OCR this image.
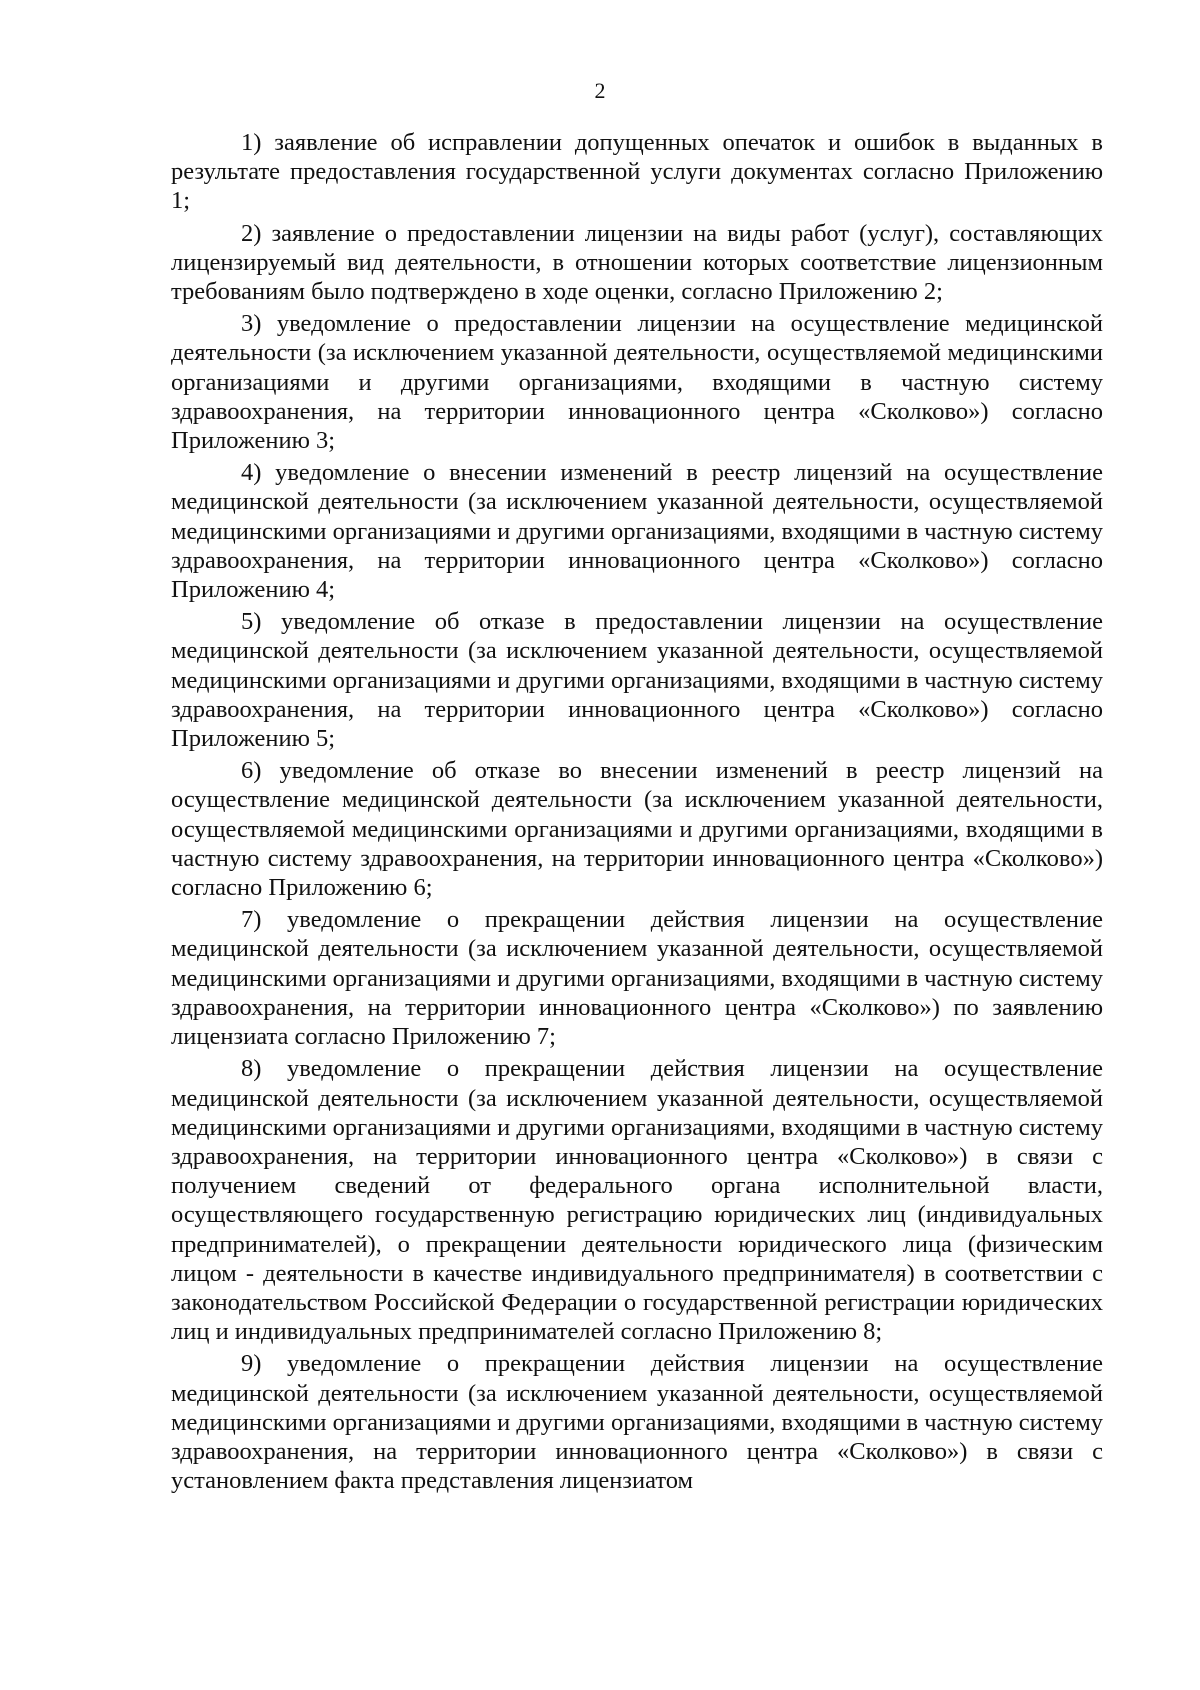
2

1) заявление об исправлении допущенных опечаток и ошибок в выданных в результате предоставления государственной услуги документах согласно Приложению 1;

2) заявление о предоставлении лицензии на виды работ (услуг), составляющих лицензируемый вид деятельности, в отношении которых соответствие лицензионным требованиям было подтверждено в ходе оценки, согласно Приложению 2;

3) уведомление о предоставлении лицензии на осуществление медицинской деятельности (за исключением указанной деятельности, осуществляемой медицинскими организациями и другими организациями, входящими в частную систему здравоохранения, на территории инновационного центра «Сколково») согласно Приложению 3;

4) уведомление о внесении изменений в реестр лицензий на осуществление медицинской деятельности (за исключением указанной деятельности, осуществляемой медицинскими организациями и другими организациями, входящими в частную систему здравоохранения, на территории инновационного центра «Сколково») согласно Приложению 4;

5) уведомление об отказе в предоставлении лицензии на осуществление медицинской деятельности (за исключением указанной деятельности, осуществляемой медицинскими организациями и другими организациями, входящими в частную систему здравоохранения, на территории инновационного центра «Сколково») согласно Приложению 5;

6) уведомление об отказе во внесении изменений в реестр лицензий на осуществление медицинской деятельности (за исключением указанной деятельности, осуществляемой медицинскими организациями и другими организациями, входящими в частную систему здравоохранения, на территории инновационного центра «Сколково») согласно Приложению 6;

7) уведомление о прекращении действия лицензии на осуществление медицинской деятельности (за исключением указанной деятельности, осуществляемой медицинскими организациями и другими организациями, входящими в частную систему здравоохранения, на территории инновационного центра «Сколково») по заявлению лицензиата согласно Приложению 7;

8) уведомление о прекращении действия лицензии на осуществление медицинской деятельности (за исключением указанной деятельности, осуществляемой медицинскими организациями и другими организациями, входящими в частную систему здравоохранения, на территории инновационного центра «Сколково») в связи с получением сведений от федерального органа исполнительной власти, осуществляющего государственную регистрацию юридических лиц (индивидуальных предпринимателей), о прекращении деятельности юридического лица (физическим лицом - деятельности в качестве индивидуального предпринимателя) в соответствии с законодательством Российской Федерации о государственной регистрации юридических лиц и индивидуальных предпринимателей согласно Приложению 8;

9) уведомление о прекращении действия лицензии на осуществление медицинской деятельности (за исключением указанной деятельности, осуществляемой медицинскими организациями и другими организациями, входящими в частную систему здравоохранения, на территории инновационного центра «Сколково») в связи с установлением факта представления лицензиатом
